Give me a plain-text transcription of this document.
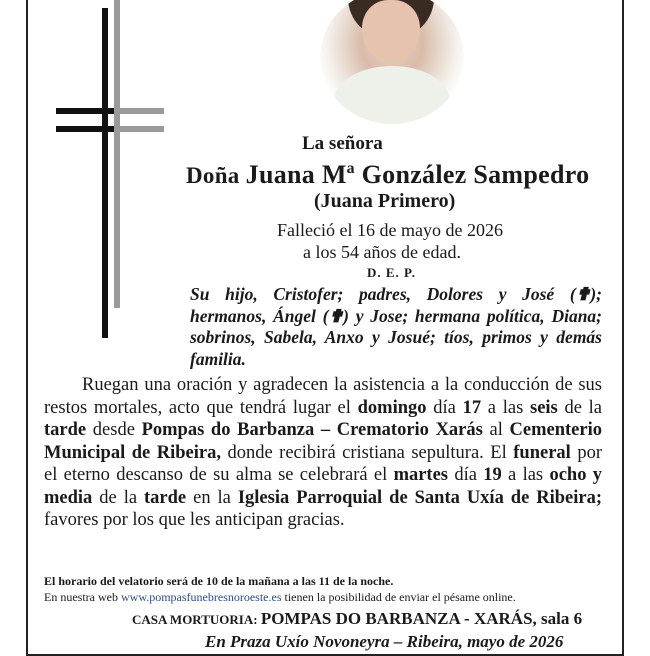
La señora
Doña Juana Mª González Sampedro
(Juana Primero)
Falleció el 16 de mayo de 2026
a los 54 años de edad.
D. E. P.
Su hijo, Cristofer; padres, Dolores y José (✟); hermanos, Ángel (✟) y Jose; hermana política, Diana; sobrinos, Sabela, Anxo y Josué; tíos, primos y demás familia.

Ruegan una oración y agradecen la asistencia a la conducción de sus restos mortales, acto que tendrá lugar el domingo día 17 a las seis de la tarde desde Pompas do Barbanza – Crematorio Xarás al Cementerio Municipal de Ribeira, donde recibirá cristiana sepultura. El funeral por el eterno descanso de su alma se celebrará el martes día 19 a las ocho y media de la tarde en la Iglesia Parroquial de Santa Uxía de Ribeira; favores por los que les anticipan gracias.

El horario del velatorio será de 10 de la mañana a las 11 de la noche.
En nuestra web www.pompasfunebresnoroeste.es tienen la posibilidad de enviar el pésame online.
CASA MORTUORIA: POMPAS DO BARBANZA - XARÁS, sala 6
En Praza Uxío Novoneyra – Ribeira, mayo de 2026
